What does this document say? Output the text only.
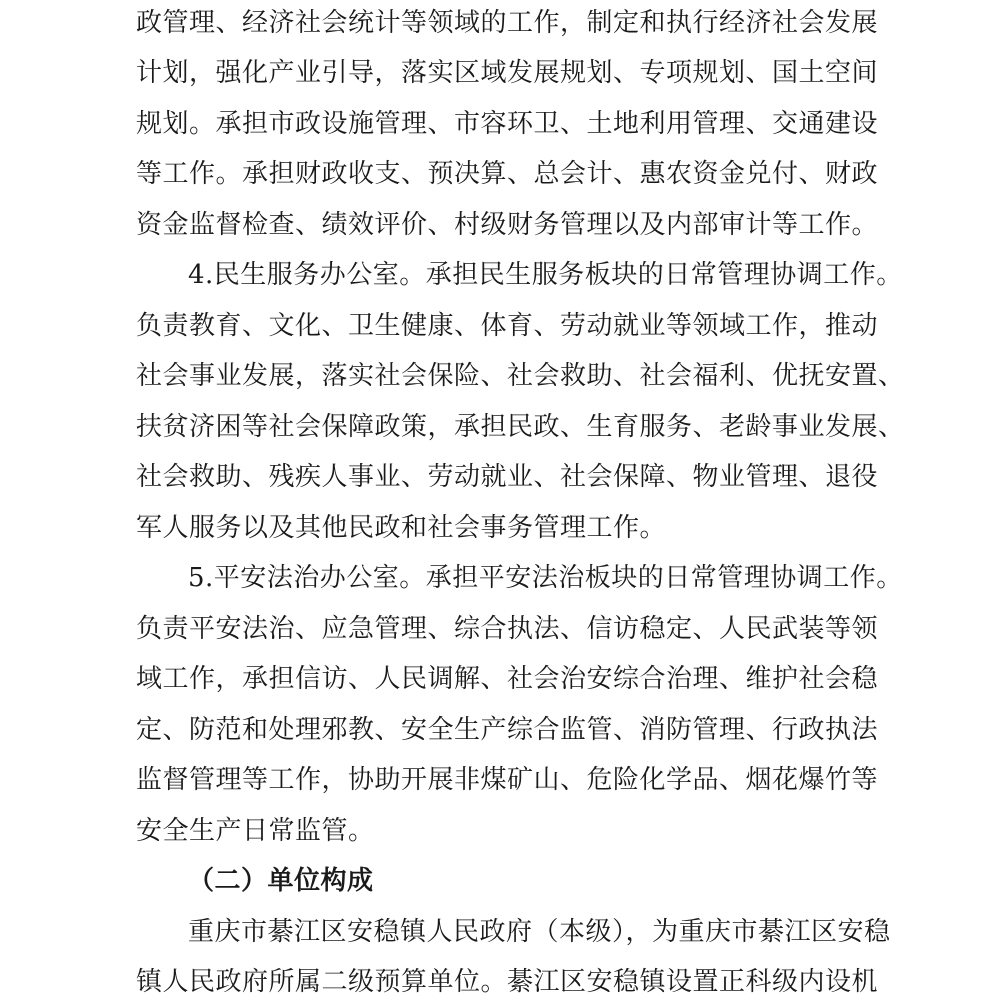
政管理、经济社会统计等领域的工作，制定和执行经济社会发展
计划，强化产业引导，落实区域发展规划、专项规划、国土空间
规划。承担市政设施管理、市容环卫、土地利用管理、交通建设
等工作。承担财政收支、预决算、总会计、惠农资金兑付、财政
资金监督检查、绩效评价、村级财务管理以及内部审计等工作。
4.民生服务办公室。承担民生服务板块的日常管理协调工作。
负责教育、文化、卫生健康、体育、劳动就业等领域工作，推动
社会事业发展，落实社会保险、社会救助、社会福利、优抚安置、
扶贫济困等社会保障政策，承担民政、生育服务、老龄事业发展、
社会救助、残疾人事业、劳动就业、社会保障、物业管理、退役
军人服务以及其他民政和社会事务管理工作。
5.平安法治办公室。承担平安法治板块的日常管理协调工作。
负责平安法治、应急管理、综合执法、信访稳定、人民武装等领
域工作，承担信访、人民调解、社会治安综合治理、维护社会稳
定、防范和处理邪教、安全生产综合监管、消防管理、行政执法
监督管理等工作，协助开展非煤矿山、危险化学品、烟花爆竹等
安全生产日常监管。
（二）单位构成
重庆市綦江区安稳镇人民政府（本级），为重庆市綦江区安稳
镇人民政府所属二级预算单位。綦江区安稳镇设置正科级内设机
